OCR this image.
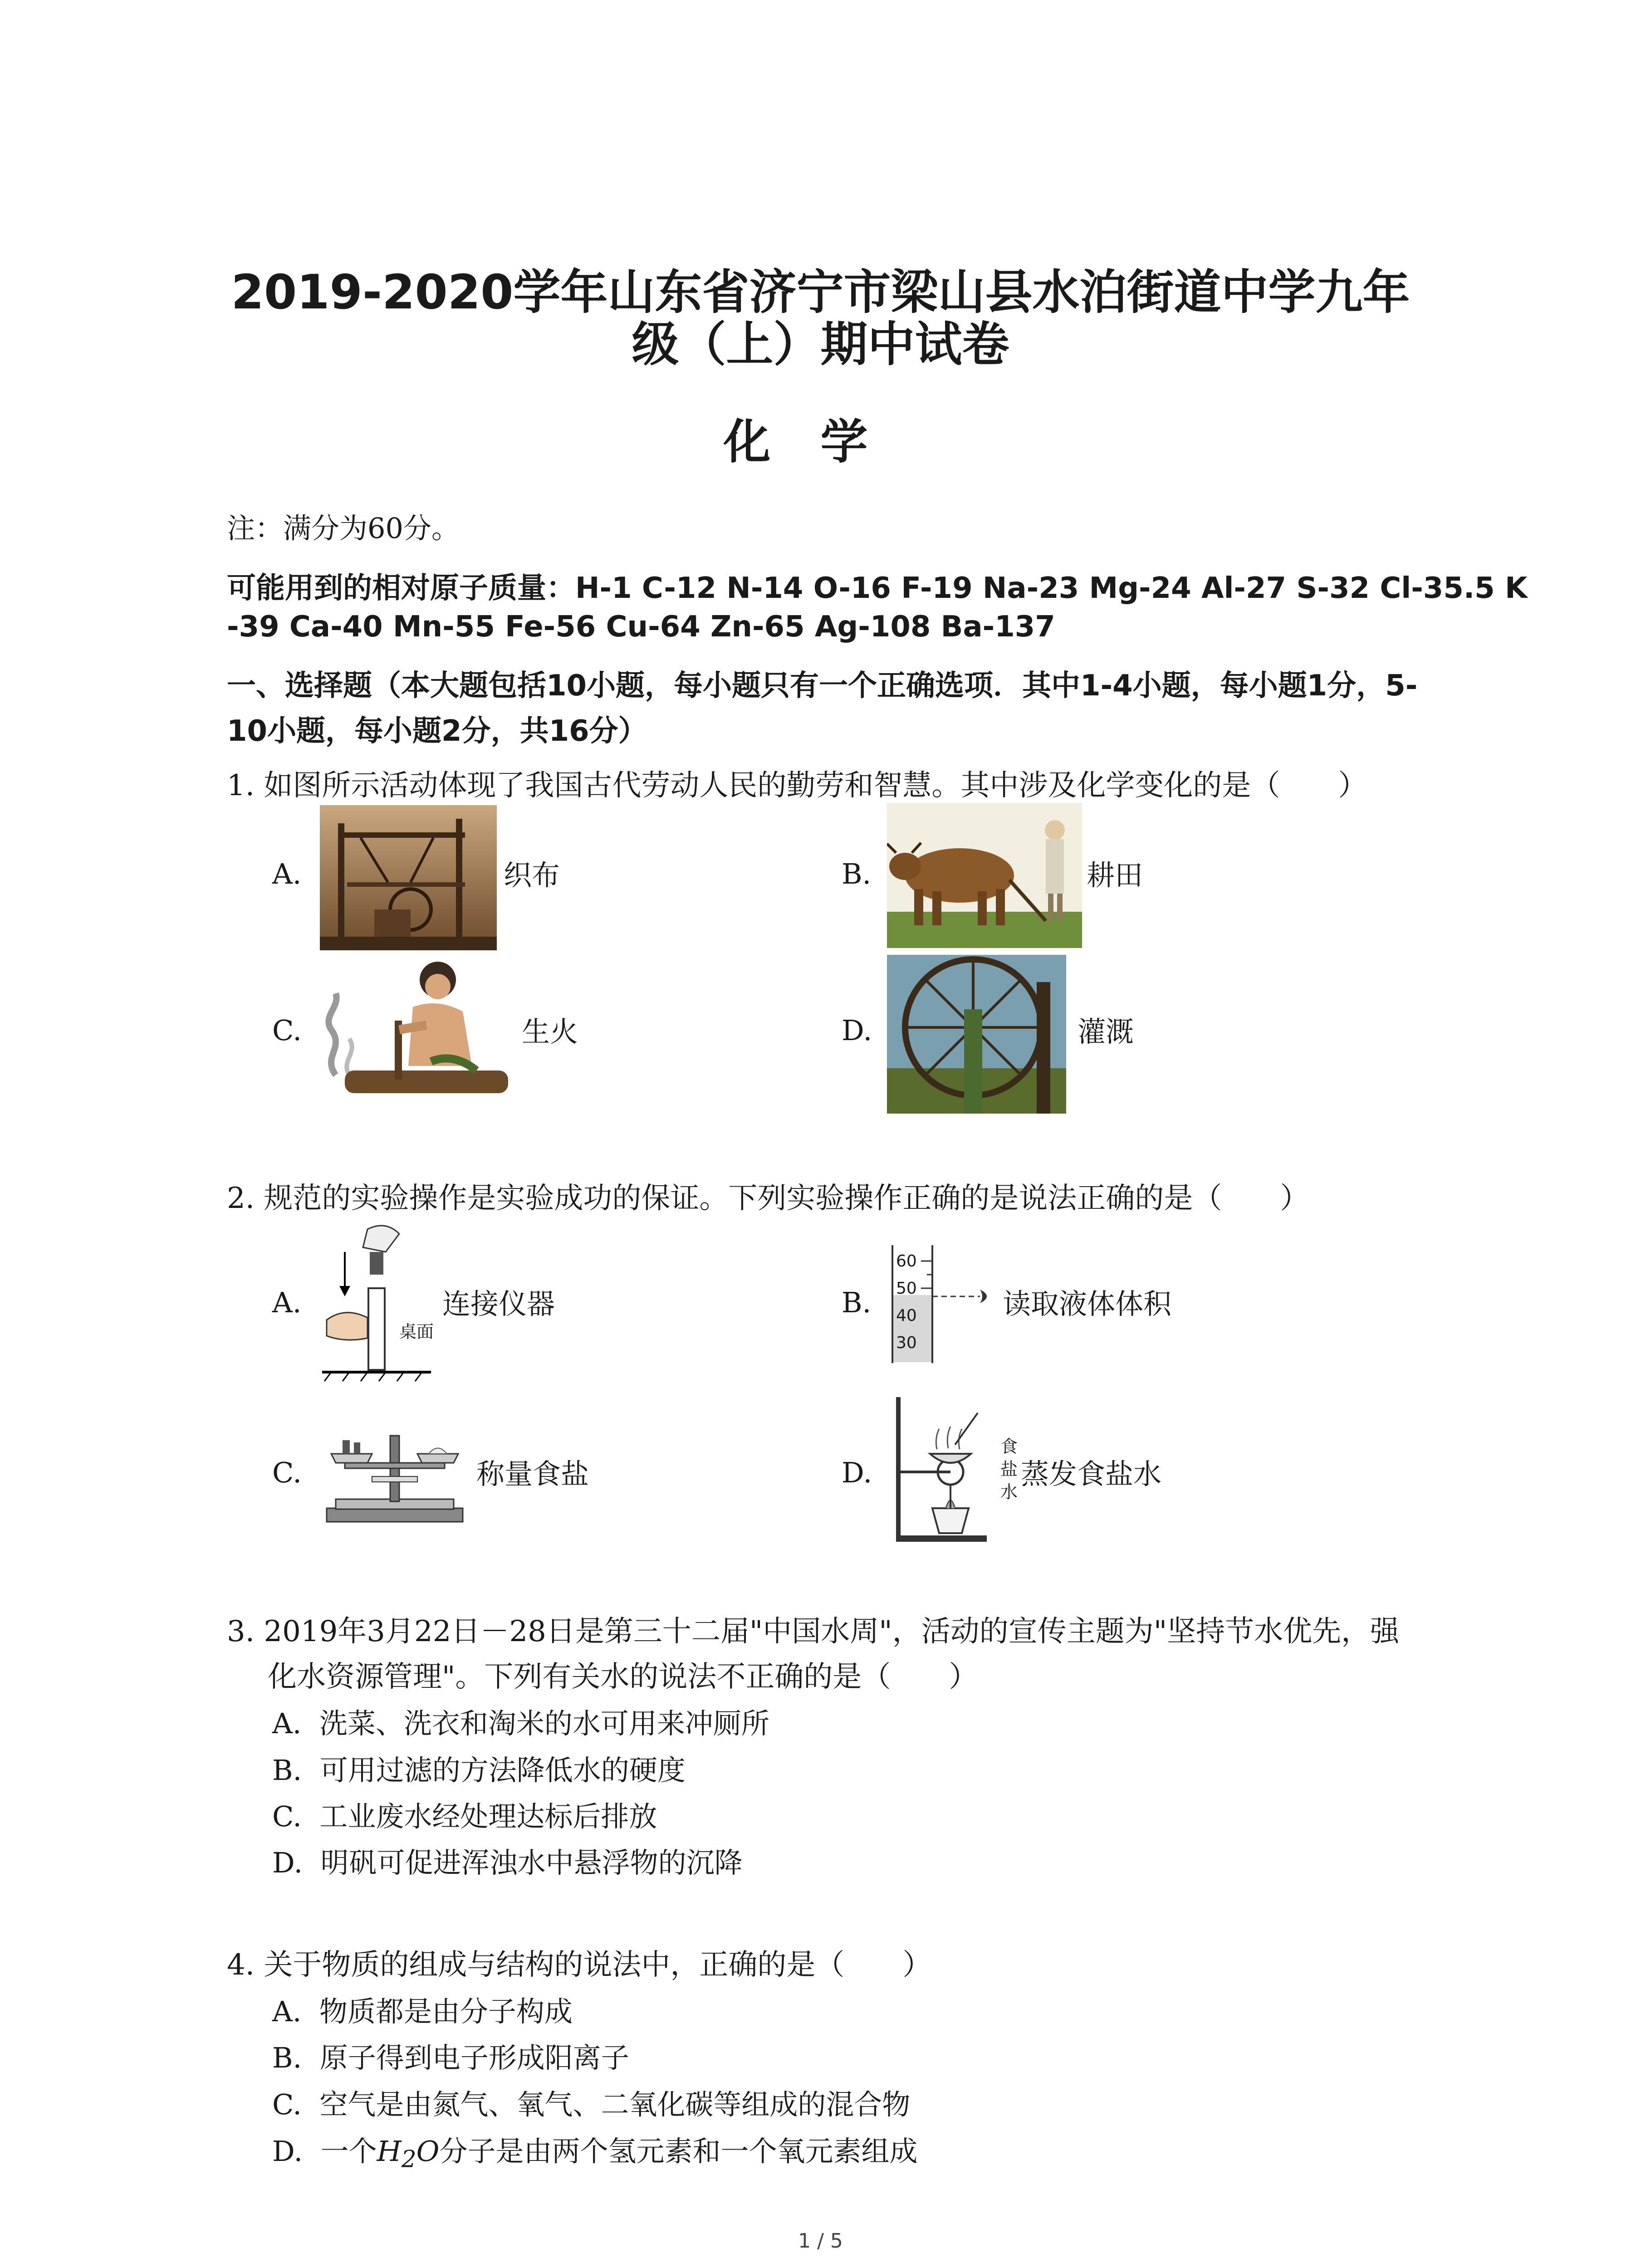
2019-2020学年山东省济宁市梁山县水泊街道中学九年
级（上）期中试卷
化学
注：满分为60分。
可能用到的相对原子质量：H-1 C-12 N-14 O-16 F-19 Na-23 Mg-24 Al-27 S-32 Cl-35.5 K
-39 Ca-40 Mn-55 Fe-56 Cu-64 Zn-65 Ag-108 Ba-137
一、选择题（本大题包括10小题，每小题只有一个正确选项．其中1-4小题，每小题1分，5-
10小题，每小题2分，共16分）
1. 如图所示活动体现了我国古代劳动人民的勤劳和智慧。其中涉及化学变化的是（　　）
A.	织布	B.	耕田
C.	生火	D.	灌溉
2. 规范的实验操作是实验成功的保证。下列实验操作正确的是说法正确的是（　　）
A.
桌面
连接仪器	B.
60
50
40
30
读取液体体积
C.	称量食盐	D.
食
盐
水
蒸发食盐水
3. 2019年3月22日－28日是第三十二届"中国水周"，活动的宣传主题为"坚持节水优先，强
化水资源管理"。下列有关水的说法不正确的是（　　）
A. 洗菜、洗衣和淘米的水可用来冲厕所
B. 可用过滤的方法降低水的硬度
C. 工业废水经处理达标后排放
D. 明矾可促进浑浊水中悬浮物的沉降
4. 关于物质的组成与结构的说法中，正确的是（　　）
A. 物质都是由分子构成
B. 原子得到电子形成阳离子
C. 空气是由氮气、氧气、二氧化碳等组成的混合物
D. 一个$H_2O$分子是由两个氢元素和一个氧元素组成
1 / 5
